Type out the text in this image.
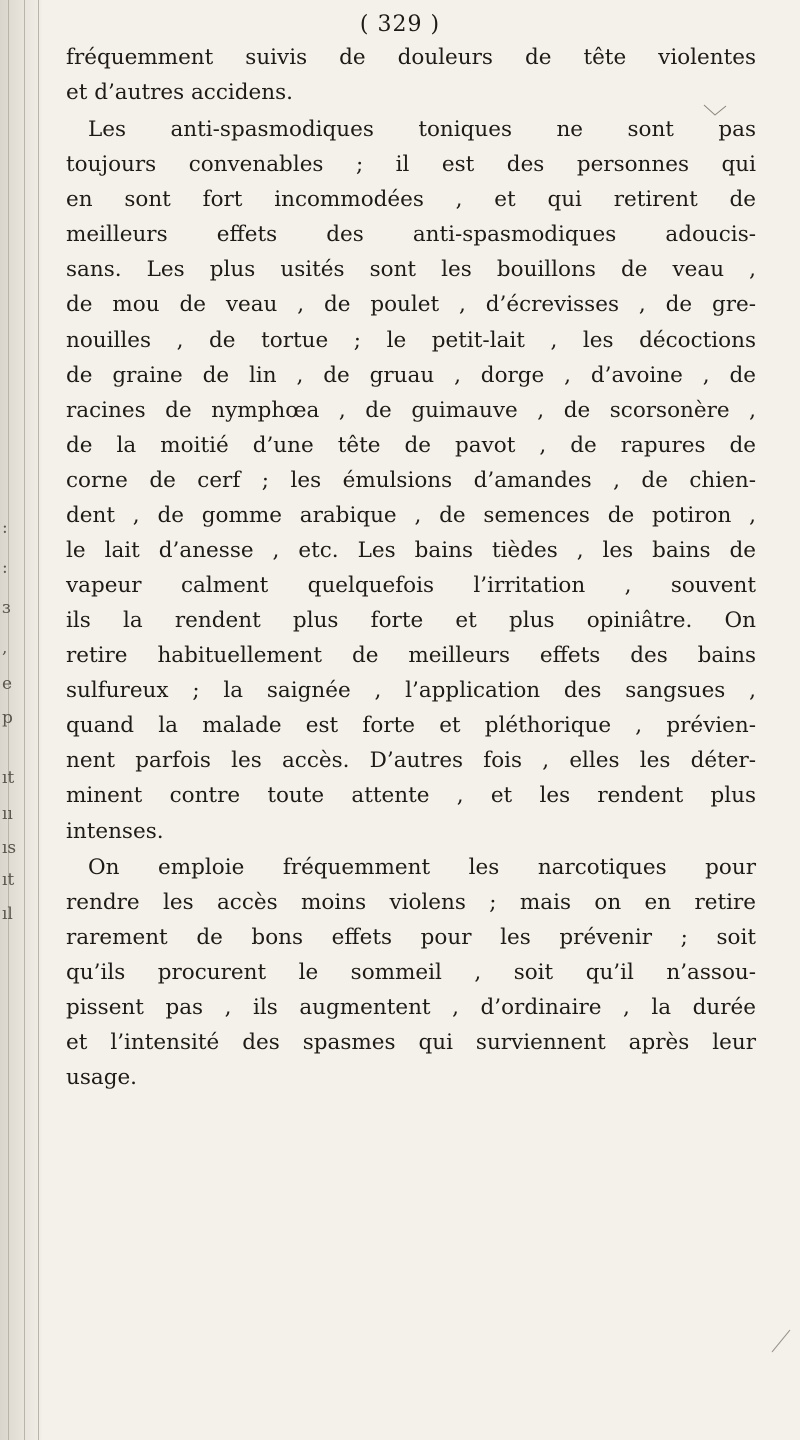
:
:
ɜ
,
e
p
ıt
ıı
ıs
ıt
ıl
( 329 )
fréquemment suivis de douleurs de tête violentes
et d’autres accidens.
Les anti-spasmodiques toniques ne sont pas
toujours convenables ; il est des personnes qui
en sont fort incommodées , et qui retirent de
meilleurs effets des anti-spasmodiques adoucis-
sans. Les plus usités sont les bouillons de veau ,
de mou de veau , de poulet , d’écrevisses , de gre-
nouilles , de tortue ; le petit-lait , les décoctions
de graine de lin , de gruau , dorge , d’avoine , de
racines de nymphœa , de guimauve , de scorsonère ,
de la moitié d’une tête de pavot , de rapures de
corne de cerf ; les émulsions d’amandes , de chien-
dent , de gomme arabique , de semences de potiron ,
le lait d’anesse , etc. Les bains tièdes , les bains de
vapeur calment quelquefois l’irritation , souvent
ils la rendent plus forte et plus opiniâtre. On
retire habituellement de meilleurs effets des bains
sulfureux ; la saignée , l’application des sangsues ,
quand la malade est forte et pléthorique , prévien-
nent parfois les accès. D’autres fois , elles les déter-
minent contre toute attente , et les rendent plus
intenses.
On emploie fréquemment les narcotiques pour
rendre les accès moins violens ; mais on en retire
rarement de bons effets pour les prévenir ; soit
qu’ils procurent le sommeil , soit qu’il n’assou-
pissent pas , ils augmentent , d’ordinaire , la durée
et l’intensité des spasmes qui surviennent après leur
usage.
